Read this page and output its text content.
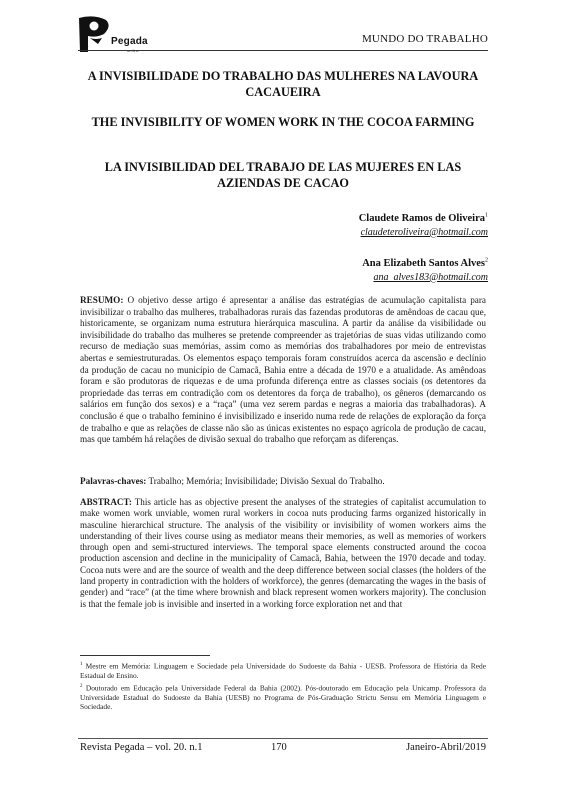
Pegada
on line
MUNDO DO TRABALHO
A INVISIBILIDADE DO TRABALHO DAS MULHERES NA LAVOURA CACAUEIRA
THE INVISIBILITY OF WOMEN WORK IN THE COCOA FARMING
LA INVISIBILIDAD DEL TRABAJO DE LAS MUJERES EN LAS AZIENDAS DE CACAO
Claudete Ramos de Oliveira$^1$
claudeteroliveira@hotmail.com
Ana Elizabeth Santos Alves$^2$
ana_alves183@hotmail.com
RESUMO: O objetivo desse artigo é apresentar a análise das estratégias de acumulação capitalista para invisibilizar o trabalho das mulheres, trabalhadoras rurais das fazendas produtoras de amêndoas de cacau que, historicamente, se organizam numa estrutura hierárquica masculina. A partir da análise da visibilidade ou invisibilidade do trabalho das mulheres se pretende compreender as trajetórias de suas vidas utilizando como recurso de mediação suas memórias, assim como as memórias dos trabalhadores por meio de entrevistas abertas e semiestruturadas. Os elementos espaço temporais foram construídos acerca da ascensão e declínio da produção de cacau no município de Camacã, Bahia entre a década de 1970 e a atualidade. As amêndoas foram e são produtoras de riquezas e de uma profunda diferença entre as classes sociais (os detentores da propriedade das terras em contradição com os detentores da força de trabalho), os gêneros (demarcando os salários em função dos sexos) e a “raça” (uma vez serem pardas e negras a maioria das trabalhadoras). A conclusão é que o trabalho feminino é invisibilizado e inserido numa rede de relações de exploração da força de trabalho e que as relações de classe não são as únicas existentes no espaço agrícola de produção de cacau, mas que também há relações de divisão sexual do trabalho que reforçam as diferenças.
Palavras-chaves: Trabalho; Memória; Invisibilidade; Divisão Sexual do Trabalho.
ABSTRACT: This article has as objective present the analyses of the strategies of capitalist accumulation to make women work unviable, women rural workers in cocoa nuts producing farms organized historically in masculine hierarchical structure. The analysis of the visibility or invisibility of women workers aims the understanding of their lives course using as mediator means their memories, as well as memories of workers through open and semi-structured interviews. The temporal space elements constructed around the cocoa production ascension and decline in the municipality of Camacã, Bahia, between the 1970 decade and today. Cocoa nuts were and are the source of wealth and the deep difference between social classes (the holders of the land property in contradiction with the holders of workforce), the genres (demarcating the wages in the basis of gender) and “race” (at the time where brownish and black represent women workers majority). The conclusion is that the female job is invisible and inserted in a working force exploration net and that
$^1$ Mestre em Memória: Linguagem e Sociedade pela Universidade do Sudoeste da Bahia - UESB. Professora de História da Rede Estadual de Ensino.
$^2$ Doutorado em Educação pela Universidade Federal da Bahia (2002). Pós-doutorado em Educação pela Unicamp. Professora da Universidade Estadual do Sudoeste da Bahia (UESB) no Programa de Pós-Graduação Strictu Sensu em Memória Linguagem e Sociedade.
Revista Pegada – vol. 20. n.1	170	Janeiro-Abril/2019
